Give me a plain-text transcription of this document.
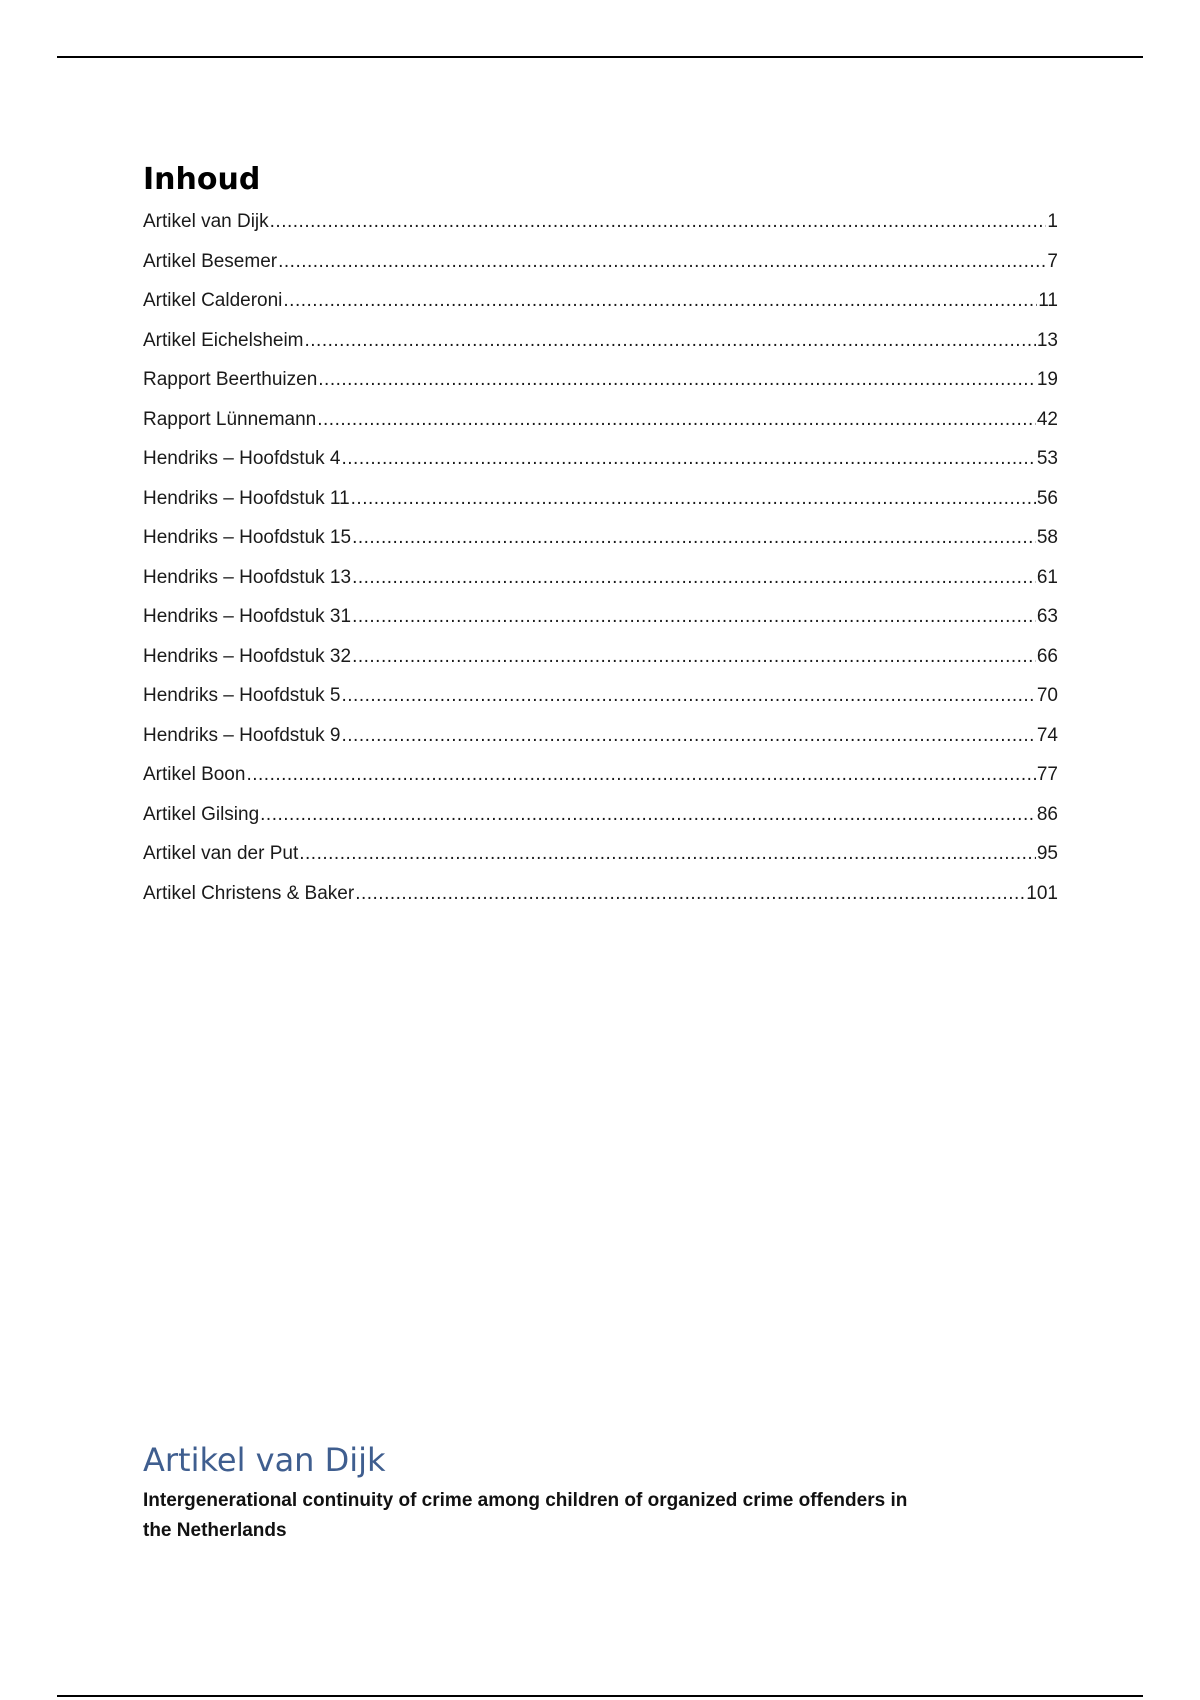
Inhoud
Artikel van Dijk .....	1
Artikel Besemer .....	7
Artikel Calderoni .....	11
Artikel Eichelsheim .....	13
Rapport Beerthuizen .....	19
Rapport Lünnemann .....	42
Hendriks – Hoofdstuk 4 .....	53
Hendriks – Hoofdstuk 11 .....	56
Hendriks – Hoofdstuk 15 .....	58
Hendriks – Hoofdstuk 13 .....	61
Hendriks – Hoofdstuk 31 .....	63
Hendriks – Hoofdstuk 32 .....	66
Hendriks – Hoofdstuk 5 .....	70
Hendriks – Hoofdstuk 9 .....	74
Artikel Boon .....	77
Artikel Gilsing .....	86
Artikel van der Put .....	95
Artikel Christens & Baker .....	101
Artikel van Dijk

Intergenerational continuity of crime among children of organized crime offenders in the Netherlands
